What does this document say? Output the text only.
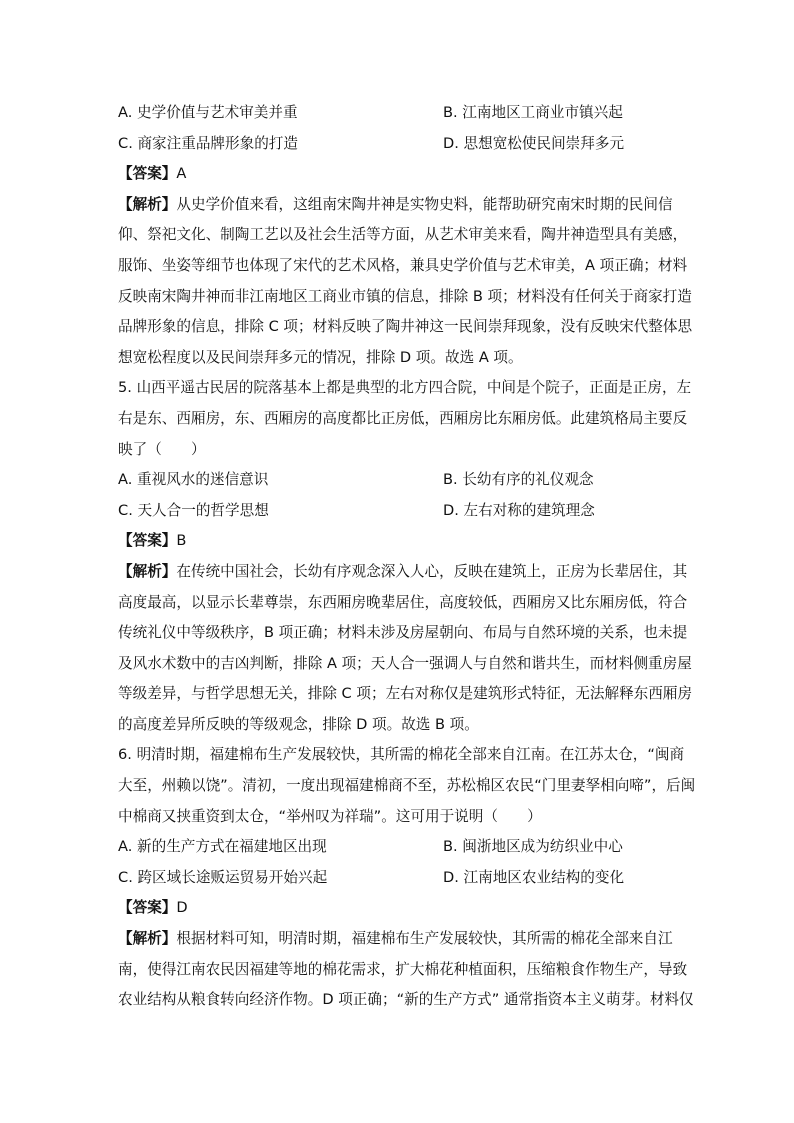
A. 史学价值与艺术审美并重	B. 江南地区工商业市镇兴起
C. 商家注重品牌形象的打造	D. 思想宽松使民间崇拜多元
【答案】A
【解析】从史学价值来看，这组南宋陶井神是实物史料，能帮助研究南宋时期的民间信
仰、祭祀文化、制陶工艺以及社会生活等方面，从艺术审美来看，陶井神造型具有美感，
服饰、坐姿等细节也体现了宋代的艺术风格，兼具史学价值与艺术审美，A 项正确；材料
反映南宋陶井神而非江南地区工商业市镇的信息，排除 B 项；材料没有任何关于商家打造
品牌形象的信息，排除 C 项；材料反映了陶井神这一民间崇拜现象，没有反映宋代整体思
想宽松程度以及民间崇拜多元的情况，排除 D 项。故选 A 项。
5. 山西平遥古民居的院落基本上都是典型的北方四合院，中间是个院子，正面是正房，左
右是东、西厢房，东、西厢房的高度都比正房低，西厢房比东厢房低。此建筑格局主要反
映了（　　）
A. 重视风水的迷信意识	B. 长幼有序的礼仪观念
C. 天人合一的哲学思想	D. 左右对称的建筑理念
【答案】B
【解析】在传统中国社会，长幼有序观念深入人心，反映在建筑上，正房为长辈居住，其
高度最高，以显示长辈尊崇，东西厢房晚辈居住，高度较低，西厢房又比东厢房低，符合
传统礼仪中等级秩序，B 项正确；材料未涉及房屋朝向、布局与自然环境的关系，也未提
及风水术数中的吉凶判断，排除 A 项；天人合一强调人与自然和谐共生，而材料侧重房屋
等级差异，与哲学思想无关，排除 C 项；左右对称仅是建筑形式特征，无法解释东西厢房
的高度差异所反映的等级观念，排除 D 项。故选 B 项。
6. 明清时期，福建棉布生产发展较快，其所需的棉花全部来自江南。在江苏太仓，“闽商
大至，州赖以饶”。清初，一度出现福建棉商不至，苏松棉区农民“门里妻孥相向啼”，后闽
中棉商又挟重资到太仓，“举州叹为祥瑞”。这可用于说明（　　）
A. 新的生产方式在福建地区出现	B. 闽浙地区成为纺织业中心
C. 跨区域长途贩运贸易开始兴起	D. 江南地区农业结构的变化
【答案】D
【解析】根据材料可知，明清时期，福建棉布生产发展较快，其所需的棉花全部来自江
南，使得江南农民因福建等地的棉花需求，扩大棉花种植面积，压缩粮食作物生产，导致
农业结构从粮食转向经济作物。D 项正确；“新的生产方式” 通常指资本主义萌芽。材料仅
